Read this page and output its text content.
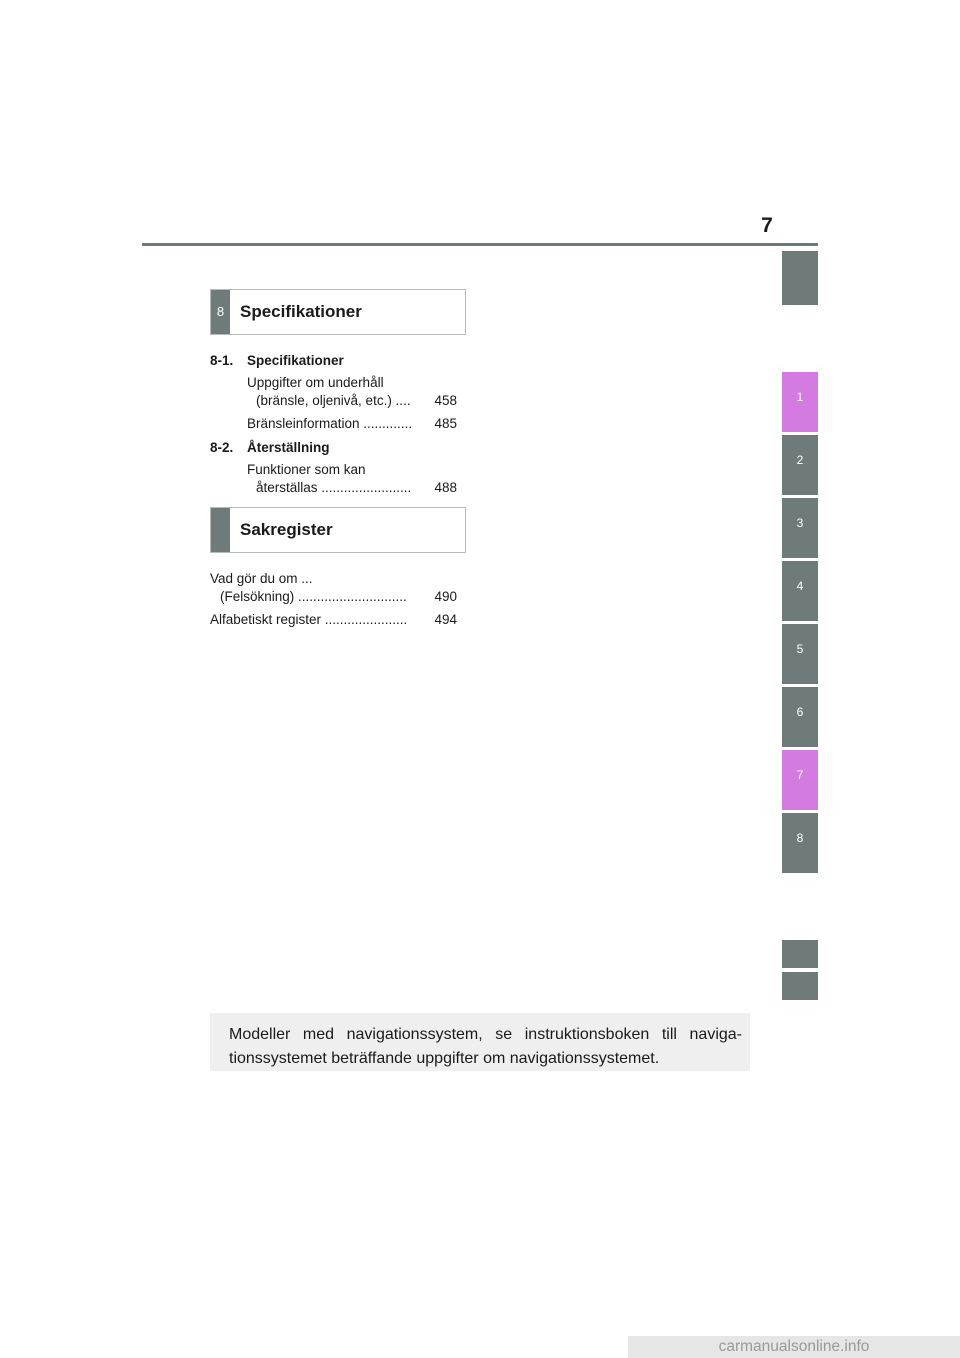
7
8 Specifikationer
8-1. Specifikationer
Uppgifter om underhåll
(bränsle, oljenivå, etc.) ....	458
Bränsleinformation .............	485
8-2. Återställning
Funktioner som kan
återställas ........................	488
Sakregister
Vad gör du om ...
(Felsökning) .............................	490
Alfabetiskt register ......................	494
1
2
3
4
5
6
7
8
Modeller med navigationssystem, se instruktionsboken till naviga-tionssystemet beträffande uppgifter om navigationssystemet.
carmanualsonline.info
